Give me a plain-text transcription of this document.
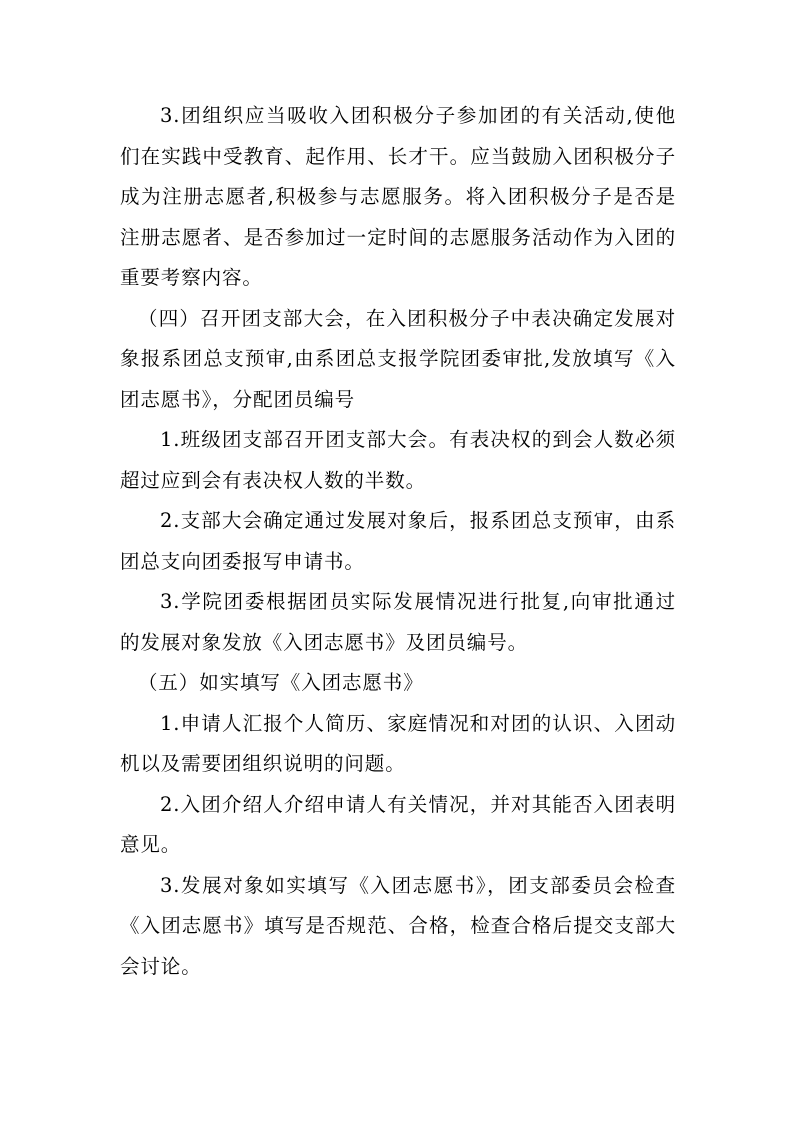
3.团组织应当吸收入团积极分子参加团的有关活动,使他们在实践中受教育、起作用、长才干。应当鼓励入团积极分子成为注册志愿者,积极参与志愿服务。将入团积极分子是否是注册志愿者、是否参加过一定时间的志愿服务活动作为入团的重要考察内容。

（四）召开团支部大会，在入团积极分子中表决确定发展对象报系团总支预审,由系团总支报学院团委审批,发放填写《入团志愿书》，分配团员编号

1.班级团支部召开团支部大会。有表决权的到会人数必须超过应到会有表决权人数的半数。

2.支部大会确定通过发展对象后，报系团总支预审，由系团总支向团委报写申请书。

3.学院团委根据团员实际发展情况进行批复,向审批通过的发展对象发放《入团志愿书》及团员编号。

（五）如实填写《入团志愿书》

1.申请人汇报个人简历、家庭情况和对团的认识、入团动机以及需要团组织说明的问题。

2.入团介绍人介绍申请人有关情况，并对其能否入团表明意见。

3.发展对象如实填写《入团志愿书》，团支部委员会检查《入团志愿书》填写是否规范、合格，检查合格后提交支部大会讨论。
